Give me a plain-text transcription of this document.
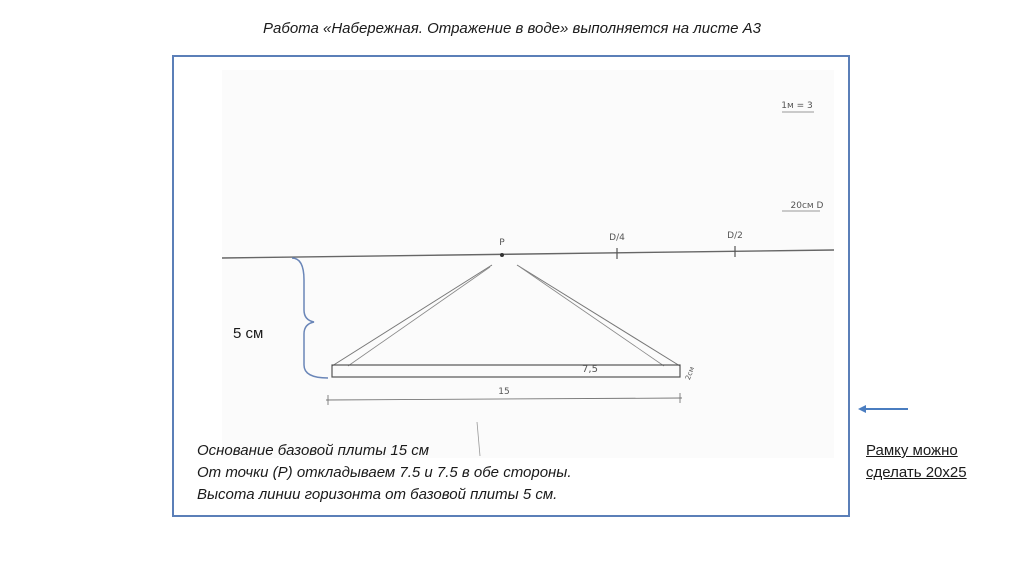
Работа «Набережная. Отражение в воде» выполняется на листе А3
P	D/4	D/2
1м = 3
20см D
7,5	2см
15
5 см
Основание базовой плиты 15 см
От точки (Р) откладываем 7.5 и 7.5 в обе стороны.
Высота линии горизонта от базовой плиты 5 см.
Рамку можно
сделать 20х25
